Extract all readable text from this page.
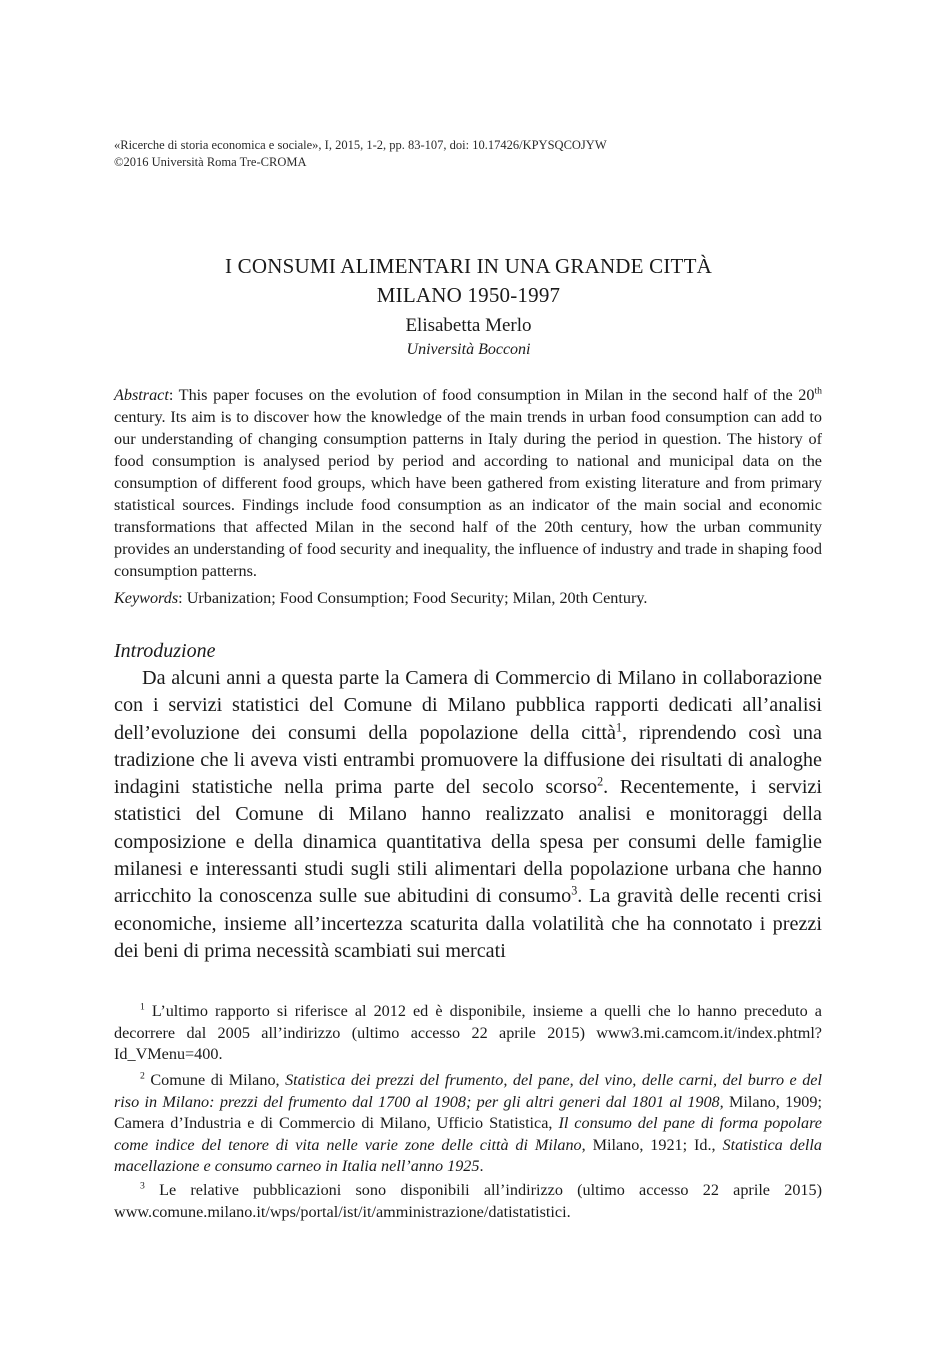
«Ricerche di storia economica e sociale», I, 2015, 1-2, pp. 83-107, doi: 10.17426/KPYSQCOJYW
©2016 Università Roma Tre-CROMA
I CONSUMI ALIMENTARI IN UNA GRANDE CITTÀ
MILANO 1950-1997
Elisabetta Merlo
Università Bocconi
Abstract: This paper focuses on the evolution of food consumption in Milan in the second half of the 20th century. Its aim is to discover how the knowledge of the main trends in urban food consumption can add to our understanding of changing consumption patterns in Italy during the period in question. The history of food consumption is analysed period by period and according to national and municipal data on the consumption of different food groups, which have been gathered from existing literature and from primary statistical sources. Findings include food consumption as an indicator of the main social and economic transformations that affected Milan in the second half of the 20th century, how the urban community provides an understanding of food security and inequality, the influence of industry and trade in shaping food consumption patterns.
Keywords: Urbanization; Food Consumption; Food Security; Milan, 20th Century.
Introduzione
Da alcuni anni a questa parte la Camera di Commercio di Milano in collaborazione con i servizi statistici del Comune di Milano pubblica rapporti dedicati all’analisi dell’evoluzione dei consumi della popolazione della città$^1$, riprendendo così una tradizione che li aveva visti entrambi promuovere la diffusione dei risultati di analoghe indagini statistiche nella prima parte del secolo scorso$^2$. Recentemente, i servizi statistici del Comune di Milano hanno realizzato analisi e monitoraggi della composizione e della dinamica quantitativa della spesa per consumi delle famiglie milanesi e interessanti studi sugli stili alimentari della popolazione urbana che hanno arricchito la conoscenza sulle sue abitudini di consumo$^3$. La gravità delle recenti crisi economiche, insieme all’incertezza scaturita dalla volatilità che ha connotato i prezzi dei beni di prima necessità scambiati sui mercati
$^1$ L’ultimo rapporto si riferisce al 2012 ed è disponibile, insieme a quelli che lo hanno preceduto a decorrere dal 2005 all’indirizzo (ultimo accesso 22 aprile 2015) www3.mi.camcom.it/index.phtml?Id_VMenu=400.
$^2$ Comune di Milano, Statistica dei prezzi del frumento, del pane, del vino, delle carni, del burro e del riso in Milano: prezzi del frumento dal 1700 al 1908; per gli altri generi dal 1801 al 1908, Milano, 1909; Camera d’Industria e di Commercio di Milano, Ufficio Statistica, Il consumo del pane di forma popolare come indice del tenore di vita nelle varie zone delle città di Milano, Milano, 1921; Id., Statistica della macellazione e consumo carneo in Italia nell’anno 1925.
$^3$ Le relative pubblicazioni sono disponibili all’indirizzo (ultimo accesso 22 aprile 2015) www.comune.milano.it/wps/portal/ist/it/amministrazione/datistatistici.
